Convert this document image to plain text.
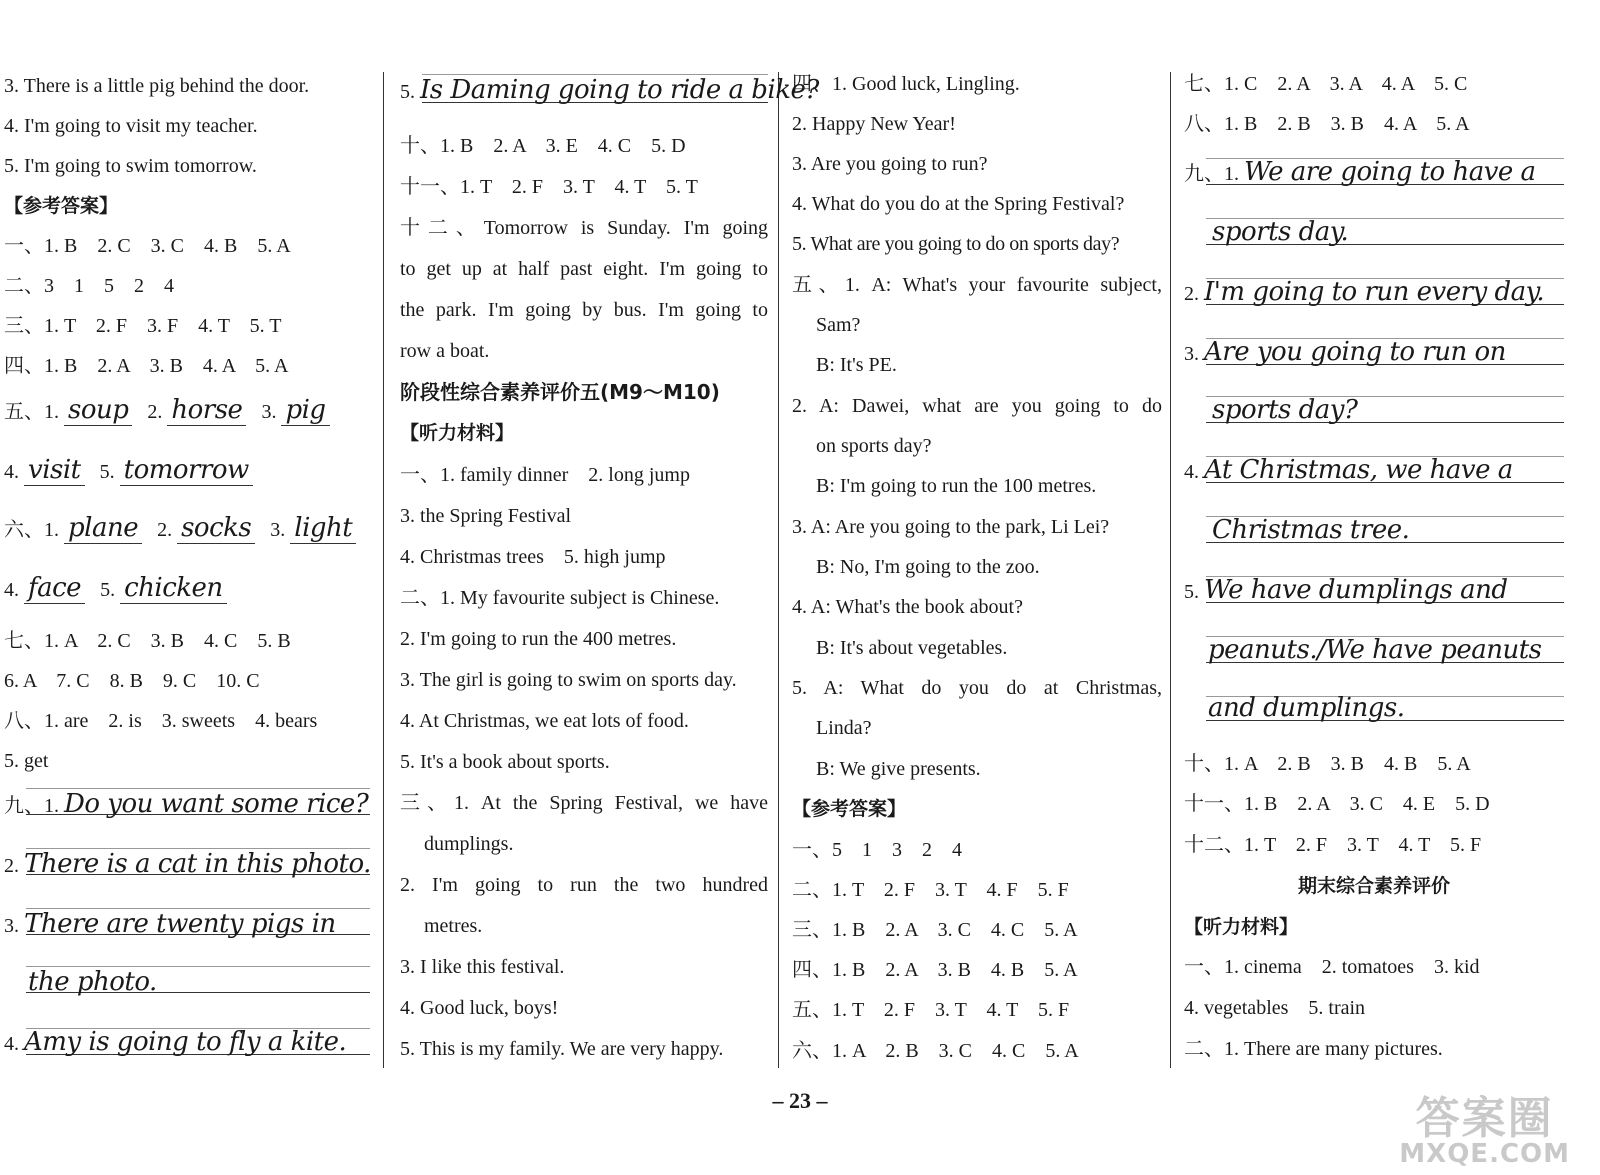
3. There is a little pig behind the door.
4. I'm going to visit my teacher.
5. I'm going to swim tomorrow.
【参考答案】
一、1. B　2. C　3. C　4. B　5. A
二、3　1　5　2　4
三、1. T　2. F　3. F　4. T　5. T
四、1. B　2. A　3. B　4. A　5. A
五、1. soup 2. horse 3. pig
4. visit 5. tomorrow
六、1. plane 2. socks 3. light
4. face 5. chicken
七、1. A　2. C　3. B　4. C　5. B
6. A　7. C　8. B　9. C　10. C
八、1. are　2. is　3. sweets　4. bears
5. get
九、1. Do you want some rice?
2. There is a cat in this photo.
3. There are twenty pigs in
the photo.
4. Amy is going to fly a kite.
5. Is Daming going to ride a bike?
十、1. B　2. A　3. E　4. C　5. D
十一、1. T　2. F　3. T　4. T　5. T
十二、Tomorrow is Sunday. I'm going
to get up at half past eight. I'm going to
the park. I'm going by bus. I'm going to
row a boat.
阶段性综合素养评价五(M9～M10)
【听力材料】
一、1. family dinner　2. long jump
3. the Spring Festival
4. Christmas trees　5. high jump
二、1. My favourite subject is Chinese.
2. I'm going to run the 400 metres.
3. The girl is going to swim on sports day.
4. At Christmas, we eat lots of food.
5. It's a book about sports.
三、1. At the Spring Festival, we have
dumplings.
2. I'm going to run the two hundred
metres.
3. I like this festival.
4. Good luck, boys!
5. This is my family. We are very happy.
四、1. Good luck, Lingling.
2. Happy New Year!
3. Are you going to run?
4. What do you do at the Spring Festival?
5. What are you going to do on sports day?
五、1. A: What's your favourite subject,
Sam?
B: It's PE.
2. A: Dawei, what are you going to do
on sports day?
B: I'm going to run the 100 metres.
3. A: Are you going to the park, Li Lei?
B: No, I'm going to the zoo.
4. A: What's the book about?
B: It's about vegetables.
5. A: What do you do at Christmas,
Linda?
B: We give presents.
【参考答案】
一、5　1　3　2　4
二、1. T　2. F　3. T　4. F　5. F
三、1. B　2. A　3. C　4. C　5. A
四、1. B　2. A　3. B　4. B　5. A
五、1. T　2. F　3. T　4. T　5. F
六、1. A　2. B　3. C　4. C　5. A
七、1. C　2. A　3. A　4. A　5. C
八、1. B　2. B　3. B　4. A　5. A
九、1. We are going to have a
sports day.
2. I'm going to run every day.
3. Are you going to run on
sports day?
4. At Christmas, we have a
Christmas tree.
5. We have dumplings and
peanuts./We have peanuts
and dumplings.
十、1. A　2. B　3. B　4. B　5. A
十一、1. B　2. A　3. C　4. E　5. D
十二、1. T　2. F　3. T　4. T　5. F
期末综合素养评价
【听力材料】
一、1. cinema　2. tomatoes　3. kid
4. vegetables　5. train
二、1. There are many pictures.
– 23 –	答案圈
MXQE.COM
